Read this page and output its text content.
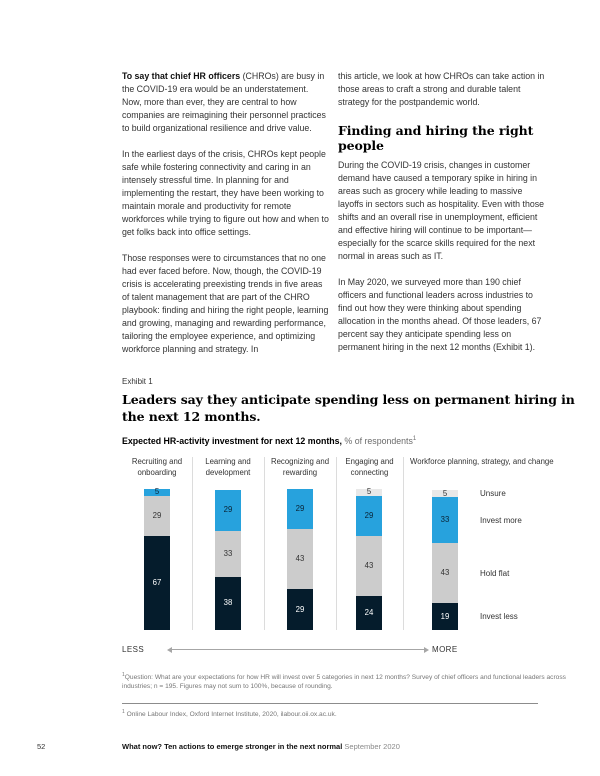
To say that chief HR officers (CHROs) are busy in the COVID-19 era would be an understatement. Now, more than ever, they are central to how companies are reimagining their personnel practices to build organizational resilience and drive value.

In the earliest days of the crisis, CHROs kept people safe while fostering connectivity and caring in an intensely stressful time. In planning for and implementing the restart, they have been working to maintain morale and productivity for remote workforces while trying to figure out how and when to get folks back into office settings.

Those responses were to circumstances that no one had ever faced before. Now, though, the COVID-19 crisis is accelerating preexisting trends in five areas of talent management that are part of the CHRO playbook: finding and hiring the right people, learning and growing, managing and rewarding performance, tailoring the employee experience, and optimizing workforce planning and strategy. In

this article, we look at how CHROs can take action in those areas to craft a strong and durable talent strategy for the postpandemic world.

Finding and hiring the right people

During the COVID-19 crisis, changes in customer demand have caused a temporary spike in hiring in areas such as grocery while leading to massive layoffs in sectors such as hospitality. Even with those shifts and an overall rise in unemployment, efficient and effective hiring will continue to be important—especially for the scarce skills required for the next normal in areas such as IT.

In May 2020, we surveyed more than 190 chief officers and functional leaders across industries to find out how they were thinking about spending allocation in the months ahead. Of those leaders, 67 percent say they anticipate spending less on permanent hiring in the next 12 months (Exhibit 1).

Exhibit 1
Leaders say they anticipate spending less on permanent hiring in the next 12 months.
Expected HR-activity investment for next 12 months, % of respondents$^1$
Recruiting and onboarding
Learning and development
Recognizing and rewarding
Engaging and connecting
Workforce planning, strategy, and change
5
29
67
29
33
38
29
43
29
5
29
43
24
5
33
43
19
Unsure
Invest more
Hold flat
Invest less
LESS	MORE
$^1$Question: What are your expectations for how HR will invest over 5 categories in next 12 months? Survey of chief officers and functional leaders across industries; n = 195. Figures may not sum to 100%, because of rounding.
$^1$ Online Labour Index, Oxford Internet Institute, 2020, ilabour.oii.ox.ac.uk.
52	What now? Ten actions to emerge stronger in the next normal September 2020
